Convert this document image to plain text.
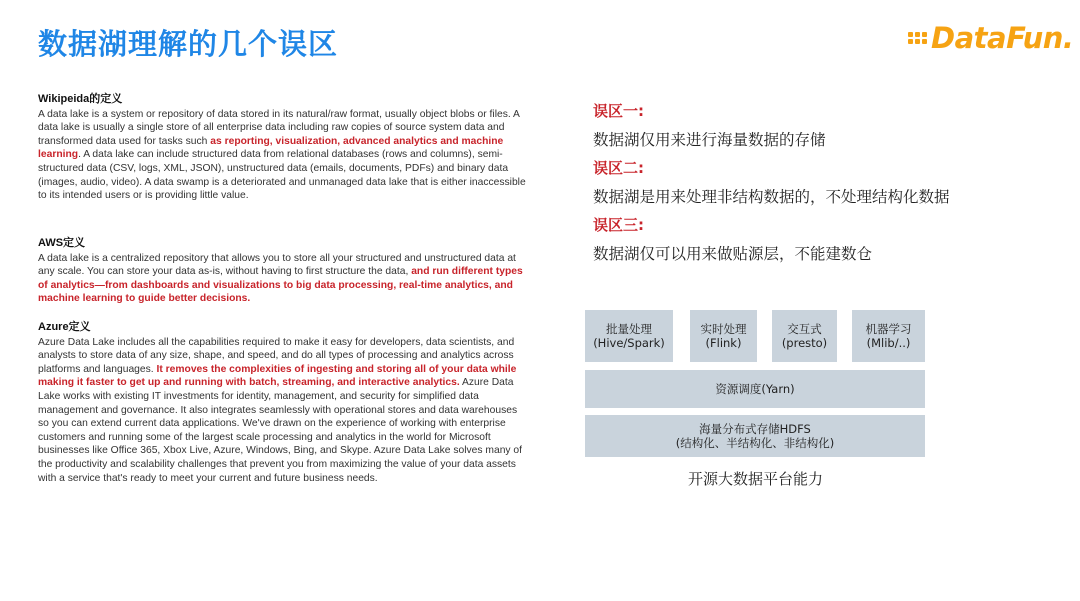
数据湖理解的几个误区	DataFun.
Wikipeida的定义
A data lake is a system or repository of data stored in its natural/raw format, usually object blobs or files. A data lake is usually a single store of all enterprise data including raw copies of source system data and transformed data used for tasks such as reporting, visualization, advanced analytics and machine learning. A data lake can include structured data from relational databases (rows and columns), semi-structured data (CSV, logs, XML, JSON), unstructured data (emails, documents, PDFs) and binary data (images, audio, video). A data swamp is a deteriorated and unmanaged data lake that is either inaccessible to its intended users or is providing little value.
AWS定义
A data lake is a centralized repository that allows you to store all your structured and unstructured data at any scale. You can store your data as-is, without having to first structure the data, and run different types of analytics—from dashboards and visualizations to big data processing, real-time analytics, and machine learning to guide better decisions.
Azure定义
Azure Data Lake includes all the capabilities required to make it easy for developers, data scientists, and analysts to store data of any size, shape, and speed, and do all types of processing and analytics across platforms and languages. It removes the complexities of ingesting and storing all of your data while making it faster to get up and running with batch, streaming, and interactive analytics. Azure Data Lake works with existing IT investments for identity, management, and security for simplified data management and governance. It also integrates seamlessly with operational stores and data warehouses so you can extend current data applications. We've drawn on the experience of working with enterprise customers and running some of the largest scale processing and analytics in the world for Microsoft businesses like Office 365, Xbox Live, Azure, Windows, Bing, and Skype. Azure Data Lake solves many of the productivity and scalability challenges that prevent you from maximizing the value of your data assets with a service that's ready to meet your current and future business needs.
误区一:
数据湖仅用来进行海量数据的存储
误区二:
数据湖是用来处理非结构数据的，不处理结构化数据
误区三:
数据湖仅可以用来做贴源层，不能建数仓
批量处理
(Hive/Spark)
实时处理
(Flink)
交互式
(presto)
机器学习
(Mlib/..)
资源调度(Yarn)
海量分布式存储HDFS
(结构化、半结构化、非结构化)
开源大数据平台能力
